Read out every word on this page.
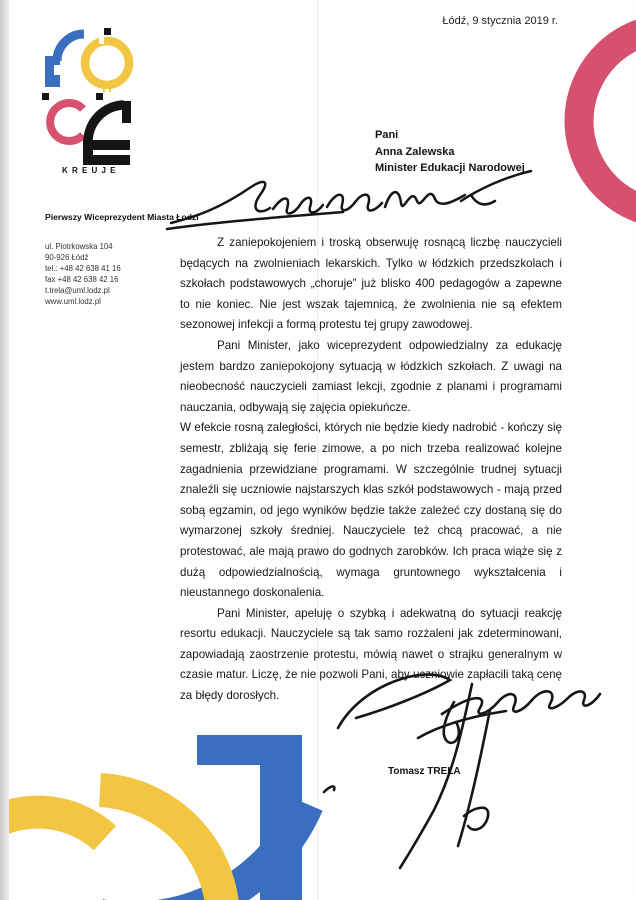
Łódź, 9 stycznia 2019 r.
KREUJE
Pierwszy Wiceprezydent Miasta Łodzi
ul. Piotrkowska 104
90-926 Łódź
tel.: +48 42 638 41 16
fax +48 42 638 42 16
t.trela@uml.lodz.pl
www.uml.lodz.pl
Pani
Anna Zalewska
Minister Edukacji Narodowej

Z zaniepokojeniem i troską obserwuję rosnącą liczbę nauczycieli będących na zwolnieniach lekarskich. Tylko w łódzkich przedszkolach i szkołach podstawowych „choruje” już blisko 400 pedagogów a zapewne to nie koniec. Nie jest wszak tajemnicą, że zwolnienia nie są efektem sezonowej infekcji a formą protestu tej grupy zawodowej.

Pani Minister, jako wiceprezydent odpowiedzialny za edukację jestem bardzo zaniepokojony sytuacją w łódzkich szkołach. Z uwagi na nieobecność nauczycieli zamiast lekcji, zgodnie z planami i programami nauczania, odbywają się zajęcia opiekuńcze.

W efekcie rosną zaległości, których nie będzie kiedy nadrobić - kończy się semestr, zbliżają się ferie zimowe, a po nich trzeba realizować kolejne zagadnienia przewidziane programami. W szczególnie trudnej sytuacji znaleźli się uczniowie najstarszych klas szkół podstawowych - mają przed sobą egzamin, od jego wyników będzie także zależeć czy dostaną się do wymarzonej szkoły średniej. Nauczyciele też chcą pracować, a nie protestować, ale mają prawo do godnych zarobków. Ich praca wiąże się z dużą odpowiedzialnością, wymaga gruntownego wykształcenia i nieustannego doskonalenia.

Pani Minister, apeluję o szybką i adekwatną do sytuacji reakcję resortu edukacji. Nauczyciele są tak samo rozżaleni jak zdeterminowani, zapowiadają zaostrzenie protestu, mówią nawet o strajku generalnym w czasie matur. Liczę, że nie pozwoli Pani, aby uczniowie zapłacili taką cenę za błędy dorosłych.

Tomasz TRELA
